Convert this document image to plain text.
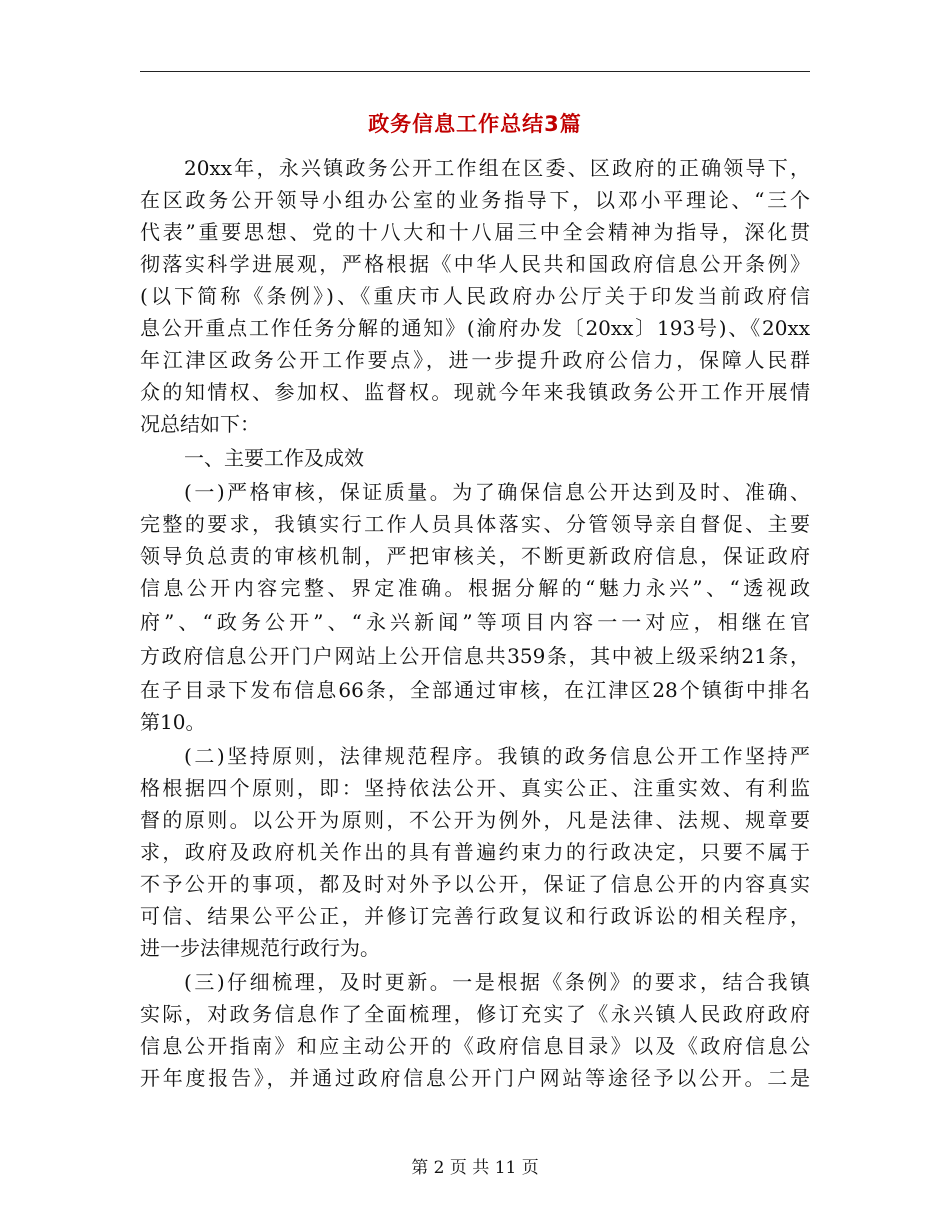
政务信息工作总结3篇
20xx年，永兴镇政务公开工作组在区委、区政府的正确领导下，
在区政务公开领导小组办公室的业务指导下，以邓小平理论、“三个
代表”重要思想、党的十八大和十八届三中全会精神为指导，深化贯
彻落实科学进展观，严格根据《中华人民共和国政府信息公开条例》
(以下简称《条例》)、《重庆市人民政府办公厅关于印发当前政府信
息公开重点工作任务分解的通知》(渝府办发〔20xx〕193号)、《20xx
年江津区政务公开工作要点》，进一步提升政府公信力，保障人民群
众的知情权、参加权、监督权。现就今年来我镇政务公开工作开展情
况总结如下：
一、主要工作及成效
(一)严格审核，保证质量。为了确保信息公开达到及时、准确、
完整的要求，我镇实行工作人员具体落实、分管领导亲自督促、主要
领导负总责的审核机制，严把审核关，不断更新政府信息，保证政府
信息公开内容完整、界定准确。根据分解的“魅力永兴”、“透视政
府”、“政务公开”、“永兴新闻”等项目内容一一对应，相继在官
方政府信息公开门户网站上公开信息共359条，其中被上级采纳21条，
在子目录下发布信息66条，全部通过审核，在江津区28个镇街中排名
第10。
(二)坚持原则，法律规范程序。我镇的政务信息公开工作坚持严
格根据四个原则，即：坚持依法公开、真实公正、注重实效、有利监
督的原则。以公开为原则，不公开为例外，凡是法律、法规、规章要
求，政府及政府机关作出的具有普遍约束力的行政决定，只要不属于
不予公开的事项，都及时对外予以公开，保证了信息公开的内容真实
可信、结果公平公正，并修订完善行政复议和行政诉讼的相关程序，
进一步法律规范行政行为。
(三)仔细梳理，及时更新。一是根据《条例》的要求，结合我镇
实际，对政务信息作了全面梳理，修订充实了《永兴镇人民政府政府
信息公开指南》和应主动公开的《政府信息目录》以及《政府信息公
开年度报告》，并通过政府信息公开门户网站等途径予以公开。二是
第 2 页 共 11 页
